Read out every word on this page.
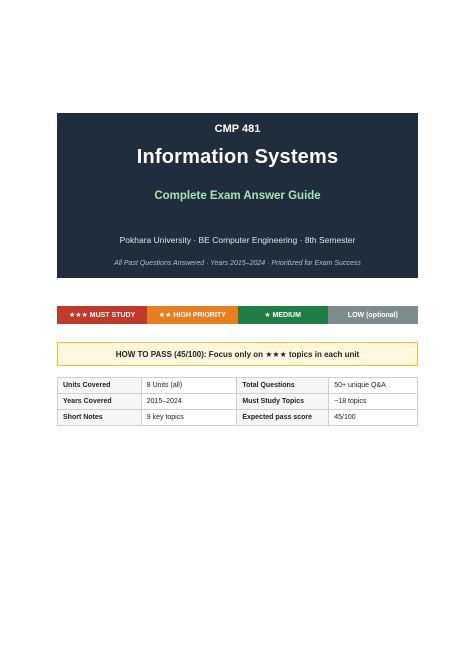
CMP 481
Information Systems
Complete Exam Answer Guide
Pokhara University · BE Computer Engineering · 8th Semester
All Past Questions Answered · Years 2015–2024 · Prioritized for Exam Success
★★★ MUST STUDY	★★ HIGH PRIORITY	★ MEDIUM	LOW (optional)
HOW TO PASS (45/100): Focus only on ★★★ topics in each unit
Units Covered	8 Units (all)	Total Questions	50+ unique Q&A
Years Covered	2015–2024	Must Study Topics	~18 topics
Short Notes	9 key topics	Expected pass score	45/100
